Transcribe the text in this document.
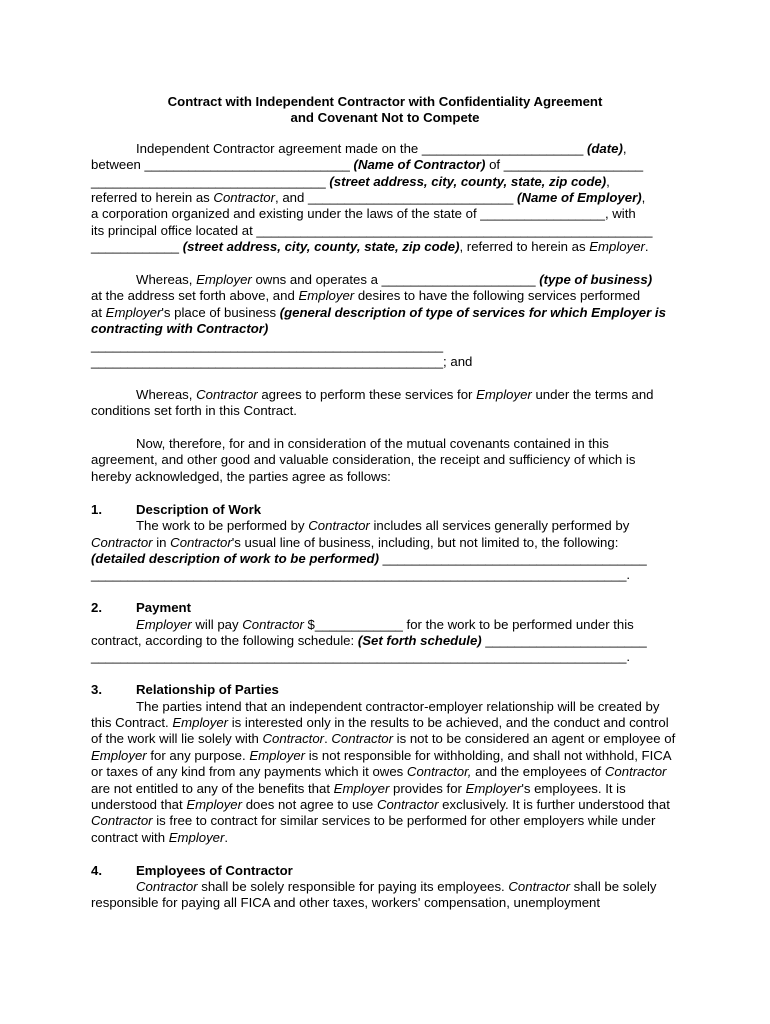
Contract with Independent Contractor with Confidentiality Agreement
and Covenant Not to Compete
Independent Contractor agreement made on the ______________________ (date),
between ____________________________ (Name of Contractor) of ___________________
________________________________ (street address, city, county, state, zip code),
referred to herein as Contractor, and ____________________________ (Name of Employer),
a corporation organized and existing under the laws of the state of _________________, with
its principal office located at ______________________________________________________
____________ (street address, city, county, state, zip code), referred to herein as Employer.
Whereas, Employer owns and operates a _____________________ (type of business)
at the address set forth above, and Employer desires to have the following services performed

at Employer's place of business (general description of type of services for which Employer is contracting with Contractor)

________________________________________________
________________________________________________; and

Whereas, Contractor agrees to perform these services for Employer under the terms and conditions set forth in this Contract.

Now, therefore, for and in consideration of the mutual covenants contained in this agreement, and other good and valuable consideration, the receipt and sufficiency of which is hereby acknowledged, the parties agree as follows:

1.	Description of Work
The work to be performed by Contractor includes all services generally performed by
Contractor in Contractor's usual line of business, including, but not limited to, the following:
(detailed description of work to be performed) ____________________________________
_________________________________________________________________________.
2.	Payment
Employer will pay Contractor $____________ for the work to be performed under this
contract, according to the following schedule: (Set forth schedule) ______________________
_________________________________________________________________________.
3.	Relationship of Parties

The parties intend that an independent contractor-employer relationship will be created by this Contract. Employer is interested only in the results to be achieved, and the conduct and control of the work will lie solely with Contractor. Contractor is not to be considered an agent or employee of Employer for any purpose. Employer is not responsible for withholding, and shall not withhold, FICA or taxes of any kind from any payments which it owes Contractor, and the employees of Contractor are not entitled to any of the benefits that Employer provides for Employer's employees. It is understood that Employer does not agree to use Contractor exclusively. It is further understood that Contractor is free to contract for similar services to be performed for other employers while under contract with Employer.

4.	Employees of Contractor

Contractor shall be solely responsible for paying its employees. Contractor shall be solely responsible for paying all FICA and other taxes, workers' compensation, unemployment
